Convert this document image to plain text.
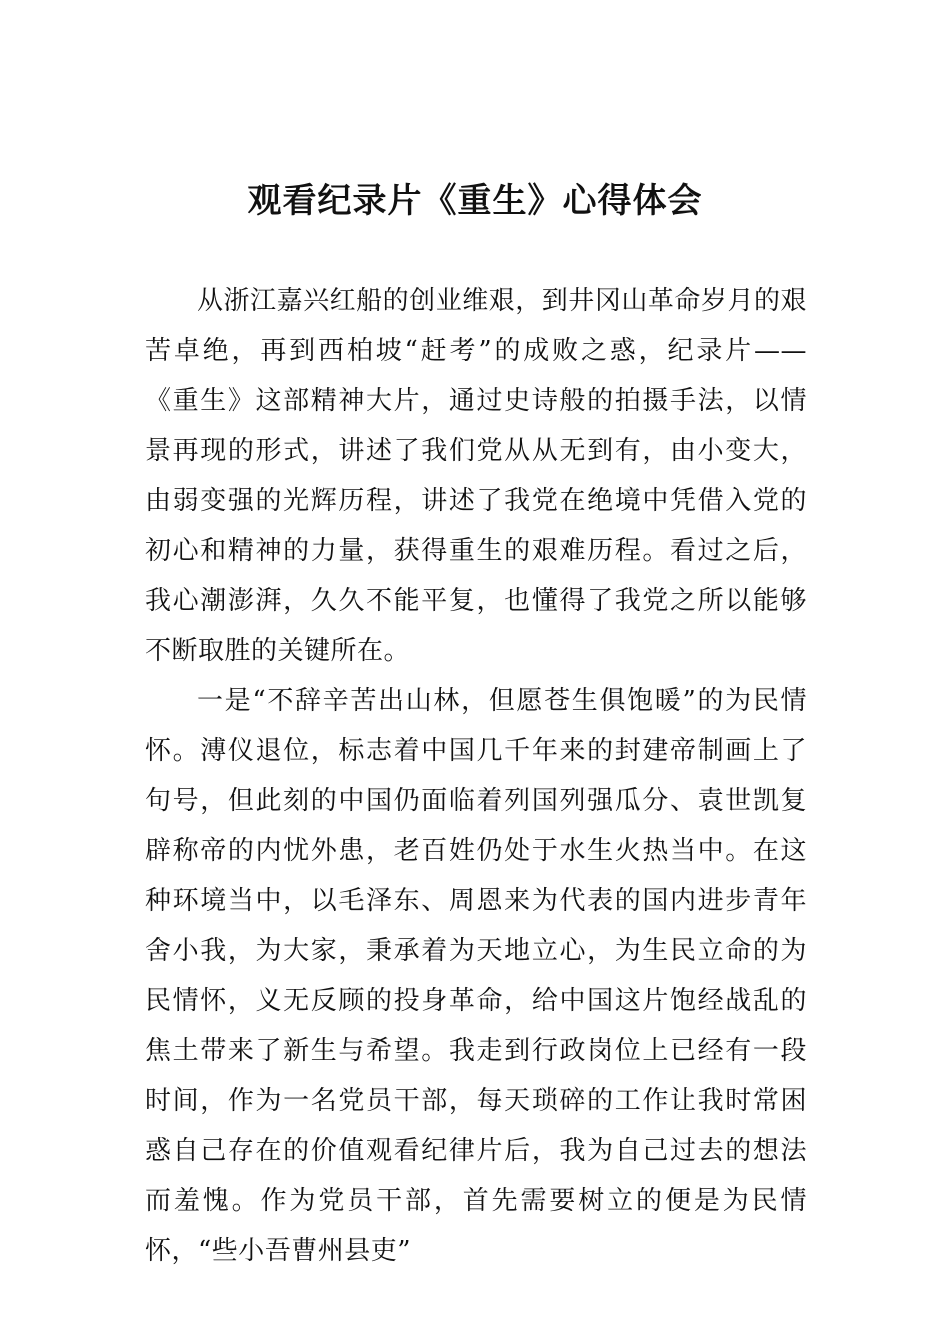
观看纪录片《重生》心得体会

从浙江嘉兴红船的创业维艰，到井冈山革命岁月的艰苦卓绝，再到西柏坡“赶考”的成败之惑，纪录片——《重生》这部精神大片，通过史诗般的拍摄手法，以情景再现的形式，讲述了我们党从从无到有，由小变大，由弱变强的光辉历程，讲述了我党在绝境中凭借入党的初心和精神的力量，获得重生的艰难历程。看过之后，我心潮澎湃，久久不能平复，也懂得了我党之所以能够不断取胜的关键所在。

一是“不辞辛苦出山林，但愿苍生俱饱暖”的为民情怀。溥仪退位，标志着中国几千年来的封建帝制画上了句号，但此刻的中国仍面临着列国列强瓜分、袁世凯复辟称帝的内忧外患，老百姓仍处于水生火热当中。在这种环境当中，以毛泽东、周恩来为代表的国内进步青年舍小我，为大家，秉承着为天地立心，为生民立命的为民情怀，义无反顾的投身革命，给中国这片饱经战乱的焦土带来了新生与希望。我走到行政岗位上已经有一段时间，作为一名党员干部，每天琐碎的工作让我时常困惑自己存在的价值观看纪律片后，我为自己过去的想法而羞愧。作为党员干部，首先需要树立的便是为民情怀，“些小吾曹州县吏”
